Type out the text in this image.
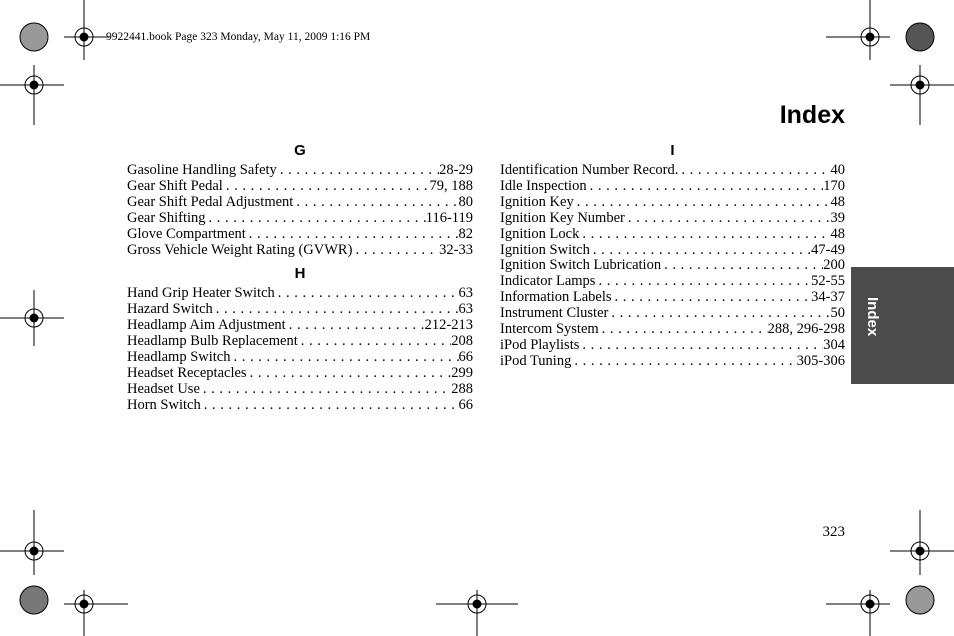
9922441.book Page 323 Monday, May 11, 2009 1:16 PM
Index
G
Gasoline Handling Safety . . .	28-29
Gear Shift Pedal . . .	79, 188
Gear Shift Pedal Adjustment . . .	80
Gear Shifting . . .	116-119
Glove Compartment . . .	82
Gross Vehicle Weight Rating (GVWR) . . .	32-33
H
Hand Grip Heater Switch . . .	63
Hazard Switch . . .	63
Headlamp Aim Adjustment . . .	212-213
Headlamp Bulb Replacement . . .	208
Headlamp Switch . . .	66
Headset Receptacles . . .	299
Headset Use . . .	288
Horn Switch . . .	66
I
Identification Number Record. . . .	40
Idle Inspection . . .	170
Ignition Key . . .	48
Ignition Key Number . . .	39
Ignition Lock . . .	48
Ignition Switch . . .	47-49
Ignition Switch Lubrication . . .	200
Indicator Lamps . . .	52-55
Information Labels . . .	34-37
Instrument Cluster . . .	50
Intercom System . . .	288, 296-298
iPod Playlists . . .	304
iPod Tuning . . .	305-306
Index
323
